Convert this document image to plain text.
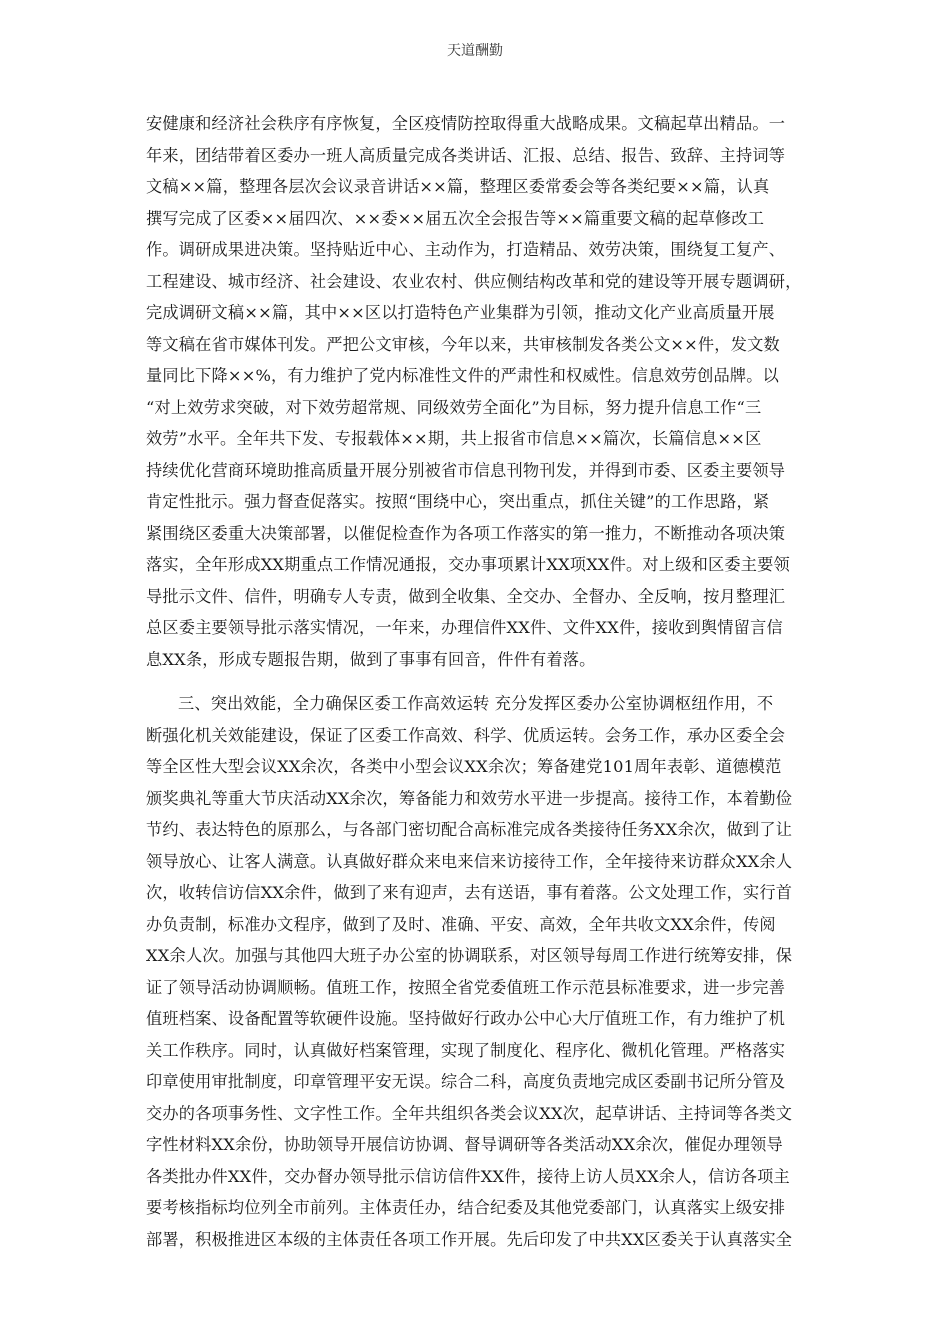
天道酬勤
安健康和经济社会秩序有序恢复，全区疫情防控取得重大战略成果。文稿起草出精品。一
年来，团结带着区委办一班人高质量完成各类讲话、汇报、总结、报告、致辞、主持词等
文稿××篇，整理各层次会议录音讲话××篇，整理区委常委会等各类纪要××篇，认真
撰写完成了区委××届四次、××委××届五次全会报告等××篇重要文稿的起草修改工
作。调研成果进决策。坚持贴近中心、主动作为，打造精品、效劳决策，围绕复工复产、
工程建设、城市经济、社会建设、农业农村、供应侧结构改革和党的建设等开展专题调研，
完成调研文稿××篇，其中××区以打造特色产业集群为引领，推动文化产业高质量开展
等文稿在省市媒体刊发。严把公文审核，今年以来，共审核制发各类公文××件，发文数
量同比下降××%，有力维护了党内标准性文件的严肃性和权威性。信息效劳创品牌。以
“对上效劳求突破，对下效劳超常规、同级效劳全面化”为目标，努力提升信息工作“三
效劳”水平。全年共下发、专报载体××期，共上报省市信息××篇次，长篇信息××区
持续优化营商环境助推高质量开展分别被省市信息刊物刊发，并得到市委、区委主要领导
肯定性批示。强力督查促落实。按照“围绕中心，突出重点，抓住关键”的工作思路，紧
紧围绕区委重大决策部署，以催促检查作为各项工作落实的第一推力，不断推动各项决策
落实，全年形成XX期重点工作情况通报，交办事项累计XX项XX件。对上级和区委主要领
导批示文件、信件，明确专人专责，做到全收集、全交办、全督办、全反响，按月整理汇
总区委主要领导批示落实情况，一年来，办理信件XX件、文件XX件，接收到舆情留言信
息XX条，形成专题报告期，做到了事事有回音，件件有着落。
三、突出效能，全力确保区委工作高效运转 充分发挥区委办公室协调枢纽作用，不
断强化机关效能建设，保证了区委工作高效、科学、优质运转。会务工作，承办区委全会
等全区性大型会议XX余次，各类中小型会议XX余次；筹备建党101周年表彰、道德模范
颁奖典礼等重大节庆活动XX余次，筹备能力和效劳水平进一步提高。接待工作，本着勤俭
节约、表达特色的原那么，与各部门密切配合高标准完成各类接待任务XX余次，做到了让
领导放心、让客人满意。认真做好群众来电来信来访接待工作，全年接待来访群众XX余人
次，收转信访信XX余件，做到了来有迎声，去有送语，事有着落。公文处理工作，实行首
办负责制，标准办文程序，做到了及时、准确、平安、高效，全年共收文XX余件，传阅
XX余人次。加强与其他四大班子办公室的协调联系，对区领导每周工作进行统筹安排，保
证了领导活动协调顺畅。值班工作，按照全省党委值班工作示范县标准要求，进一步完善
值班档案、设备配置等软硬件设施。坚持做好行政办公中心大厅值班工作，有力维护了机
关工作秩序。同时，认真做好档案管理，实现了制度化、程序化、微机化管理。严格落实
印章使用审批制度，印章管理平安无误。综合二科，高度负责地完成区委副书记所分管及
交办的各项事务性、文字性工作。全年共组织各类会议XX次，起草讲话、主持词等各类文
字性材料XX余份，协助领导开展信访协调、督导调研等各类活动XX余次，催促办理领导
各类批办件XX件，交办督办领导批示信访信件XX件，接待上访人员XX余人，信访各项主
要考核指标均位列全市前列。主体责任办，结合纪委及其他党委部门，认真落实上级安排
部署，积极推进区本级的主体责任各项工作开展。先后印发了中共XX区委关于认真落实全
